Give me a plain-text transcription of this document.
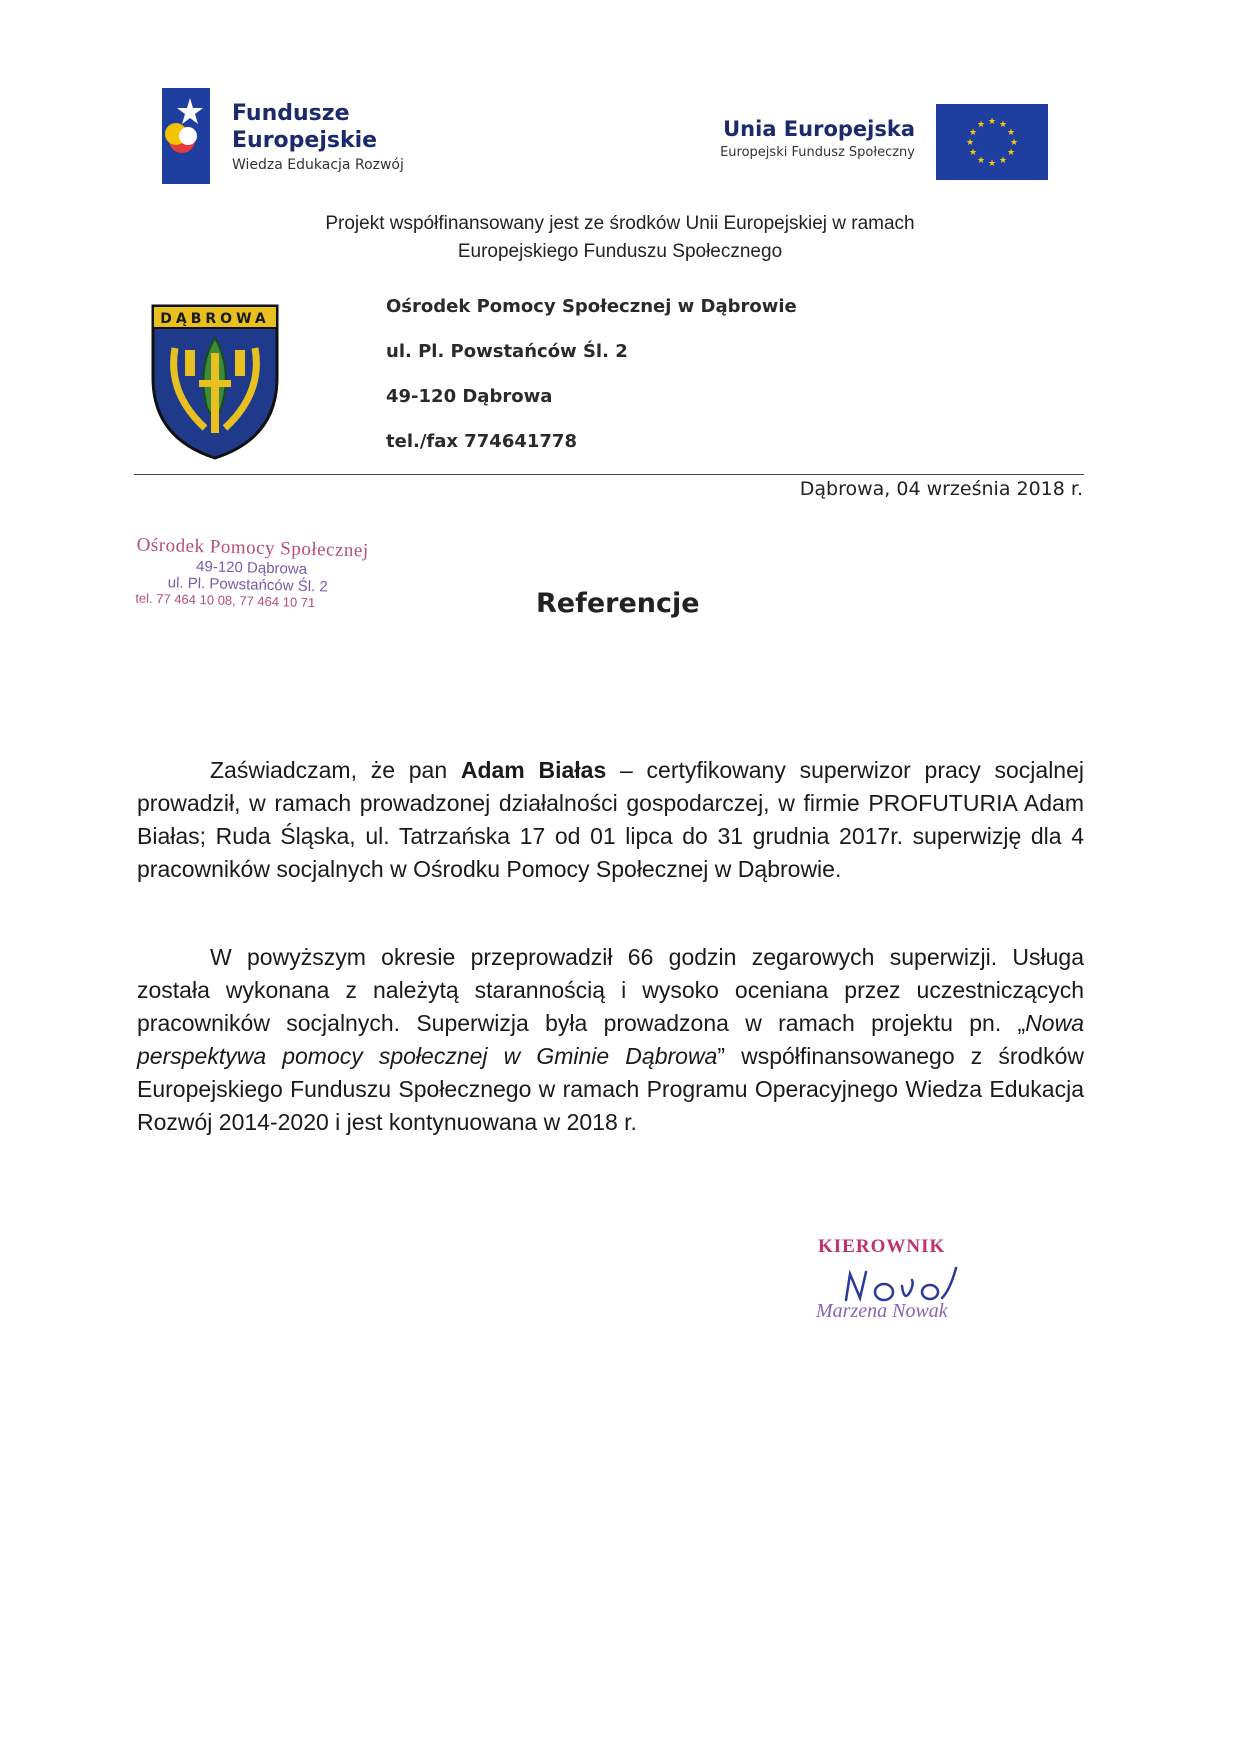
Fundusze
Europejskie
Wiedza Edukacja Rozwój
Unia Europejska
Europejski Fundusz Społeczny
★ ★
★
★
★
★
★
★
★
★
★
★
Projekt współfinansowany jest ze środków Unii Europejskiej w ramach
Europejskiego Funduszu Społecznego
DĄBROWA
Ośrodek Pomocy Społecznej w Dąbrowie
ul. Pl. Powstańców Śl. 2
49-120 Dąbrowa
tel./fax 774641778
Dąbrowa, 04 września 2018 r.
Ośrodek Pomocy Społecznej
49-120 Dąbrowa
ul. Pl. Powstańców Śl. 2
tel. 77 464 10 08, 77 464 10 71	Referencje
Zaświadczam, że pan Adam Białas – certyfikowany superwizor pracy socjalnej prowadził, w ramach prowadzonej działalności gospodarczej, w firmie PROFUTURIA Adam Białas; Ruda Śląska, ul. Tatrzańska 17 od 01 lipca do 31 grudnia 2017r. superwizję dla 4 pracowników socjalnych w Ośrodku Pomocy Społecznej w Dąbrowie.
W powyższym okresie przeprowadził 66 godzin zegarowych superwizji. Usługa została wykonana z należytą starannością i wysoko oceniana przez uczestniczących pracowników socjalnych. Superwizja była prowadzona w ramach projektu pn. „Nowa perspektywa pomocy społecznej w Gminie Dąbrowa” współfinansowanego z środków Europejskiego Funduszu Społecznego w ramach Programu Operacyjnego Wiedza Edukacja Rozwój 2014-2020 i jest kontynuowana w 2018 r.
KIEROWNIK
Marzena Nowak
